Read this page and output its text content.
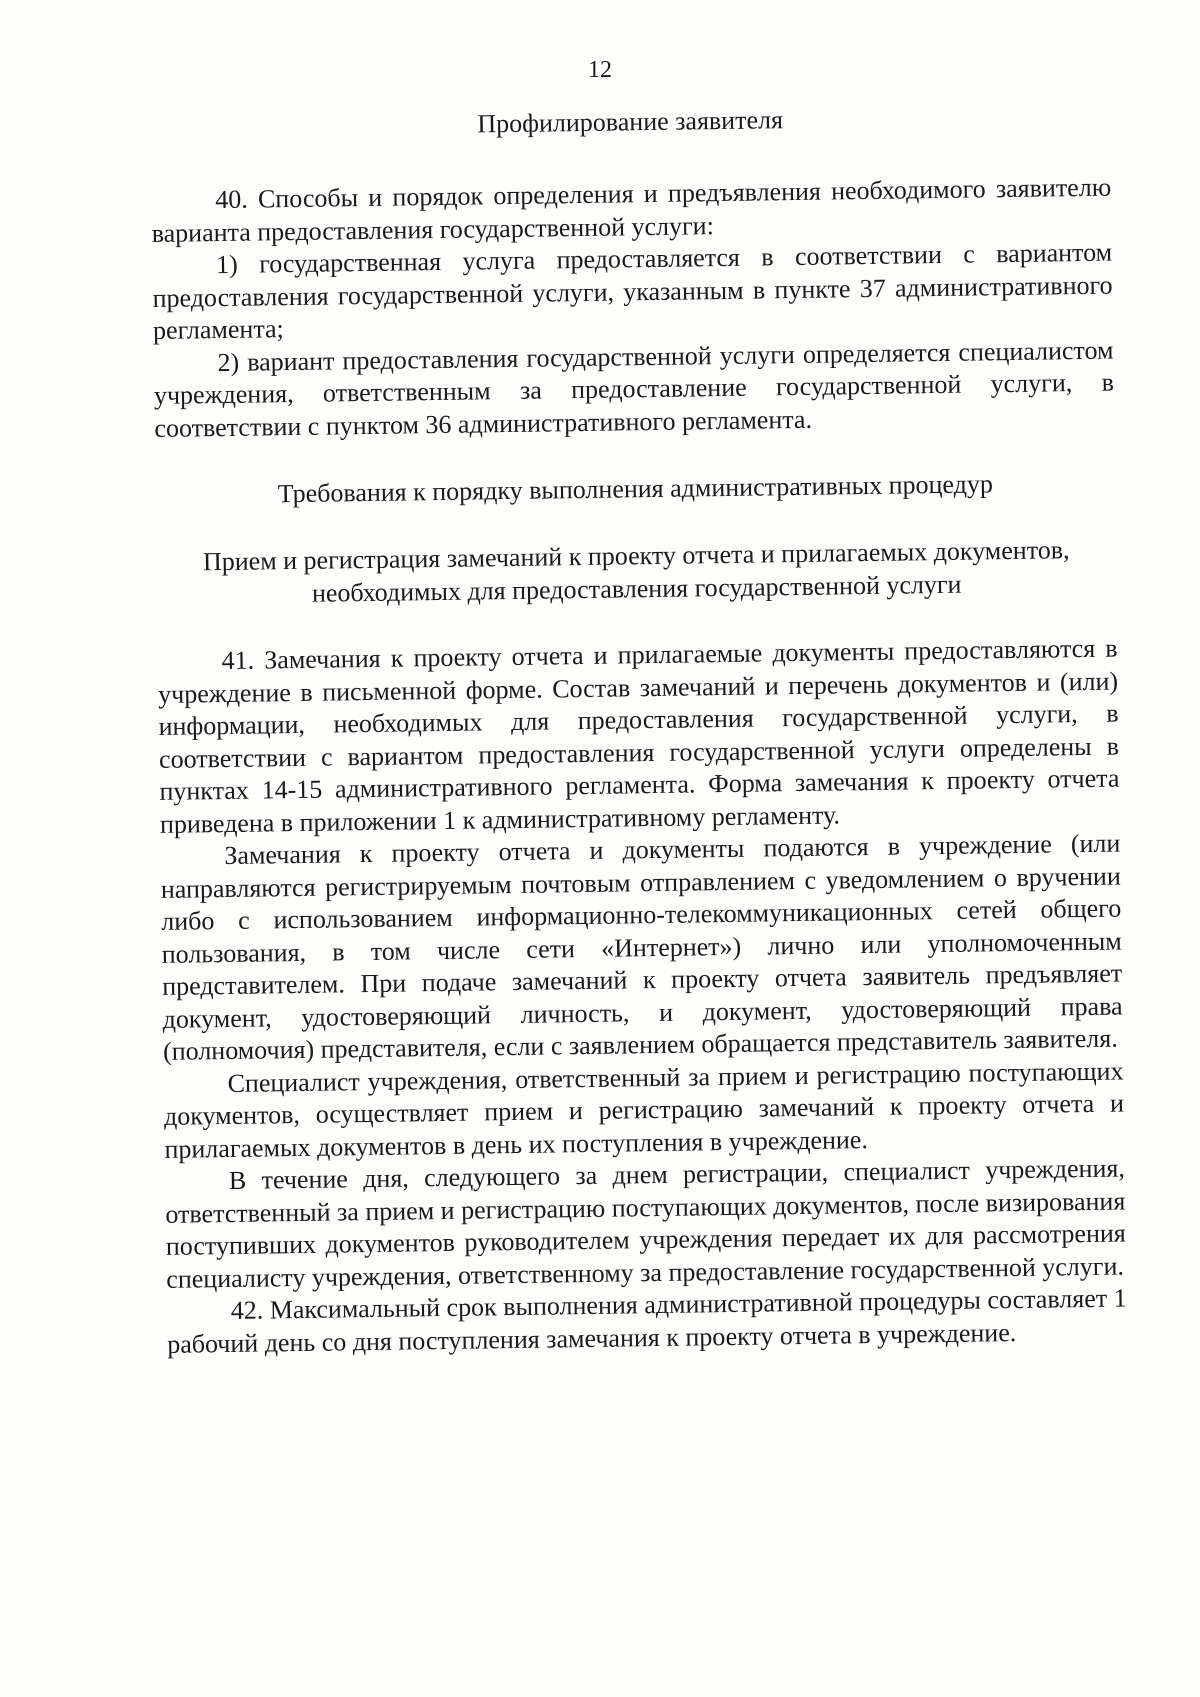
12

Профилирование заявителя

40. Способы и порядок определения и предъявления необходимого заявителю варианта предоставления государственной услуги:

1) государственная услуга предоставляется в соответствии с вариантом предоставления государственной услуги, указанным в пункте 37 административного регламента;

2) вариант предоставления государственной услуги определяется специалистом учреждения, ответственным за предоставление государственной услуги, в соответствии с пунктом 36 административного регламента.

Требования к порядку выполнения административных процедур

Прием и регистрация замечаний к проекту отчета и прилагаемых документов, необходимых для предоставления государственной услуги

41. Замечания к проекту отчета и прилагаемые документы предоставляются в учреждение в письменной форме. Состав замечаний и перечень документов и (или) информации, необходимых для предоставления государственной услуги, в соответствии с вариантом предоставления государственной услуги определены в пунктах 14-15 административного регламента. Форма замечания к проекту отчета приведена в приложении 1 к административному регламенту.

Замечания к проекту отчета и документы подаются в учреждение (или направляются регистрируемым почтовым отправлением с уведомлением о вручении либо с использованием информационно-телекоммуникационных сетей общего пользования, в том числе сети «Интернет») лично или уполномоченным представителем. При подаче замечаний к проекту отчета заявитель предъявляет документ, удостоверяющий личность, и документ, удостоверяющий права (полномочия) представителя, если с заявлением обращается представитель заявителя.

Специалист учреждения, ответственный за прием и регистрацию поступающих документов, осуществляет прием и регистрацию замечаний к проекту отчета и прилагаемых документов в день их поступления в учреждение.

В течение дня, следующего за днем регистрации, специалист учреждения, ответственный за прием и регистрацию поступающих документов, после визирования поступивших документов руководителем учреждения передает их для рассмотрения специалисту учреждения, ответственному за предоставление государственной услуги.

42. Максимальный срок выполнения административной процедуры составляет 1 рабочий день со дня поступления замечания к проекту отчета в учреждение.
